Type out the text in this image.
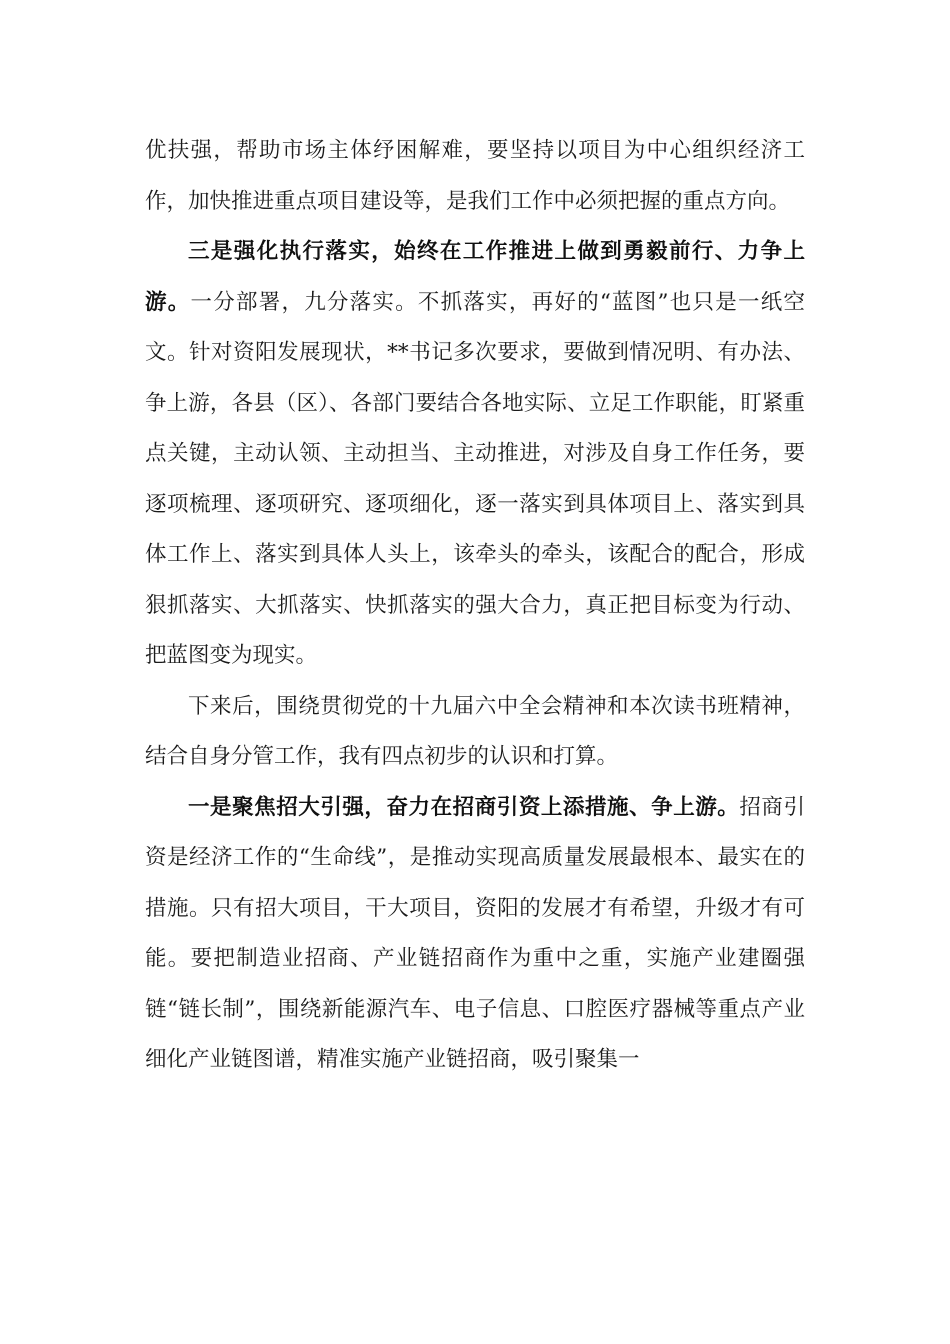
优扶强，帮助市场主体纾困解难，要坚持以项目为中心组织经济工作，加快推进重点项目建设等，是我们工作中必须把握的重点方向。

三是强化执行落实，始终在工作推进上做到勇毅前行、力争上游。一分部署，九分落实。不抓落实，再好的“蓝图”也只是一纸空文。针对资阳发展现状，**书记多次要求，要做到情况明、有办法、争上游，各县（区）、各部门要结合各地实际、立足工作职能，盯紧重点关键，主动认领、主动担当、主动推进，对涉及自身工作任务，要逐项梳理、逐项研究、逐项细化，逐一落实到具体项目上、落实到具体工作上、落实到具体人头上，该牵头的牵头，该配合的配合，形成狠抓落实、大抓落实、快抓落实的强大合力，真正把目标变为行动、把蓝图变为现实。

下来后，围绕贯彻党的十九届六中全会精神和本次读书班精神，结合自身分管工作，我有四点初步的认识和打算。

一是聚焦招大引强，奋力在招商引资上添措施、争上游。招商引资是经济工作的“生命线”，是推动实现高质量发展最根本、最实在的措施。只有招大项目，干大项目，资阳的发展才有希望，升级才有可能。要把制造业招商、产业链招商作为重中之重，实施产业建圈强链“链长制”，围绕新能源汽车、电子信息、口腔医疗器械等重点产业细化产业链图谱，精准实施产业链招商，吸引聚集一
